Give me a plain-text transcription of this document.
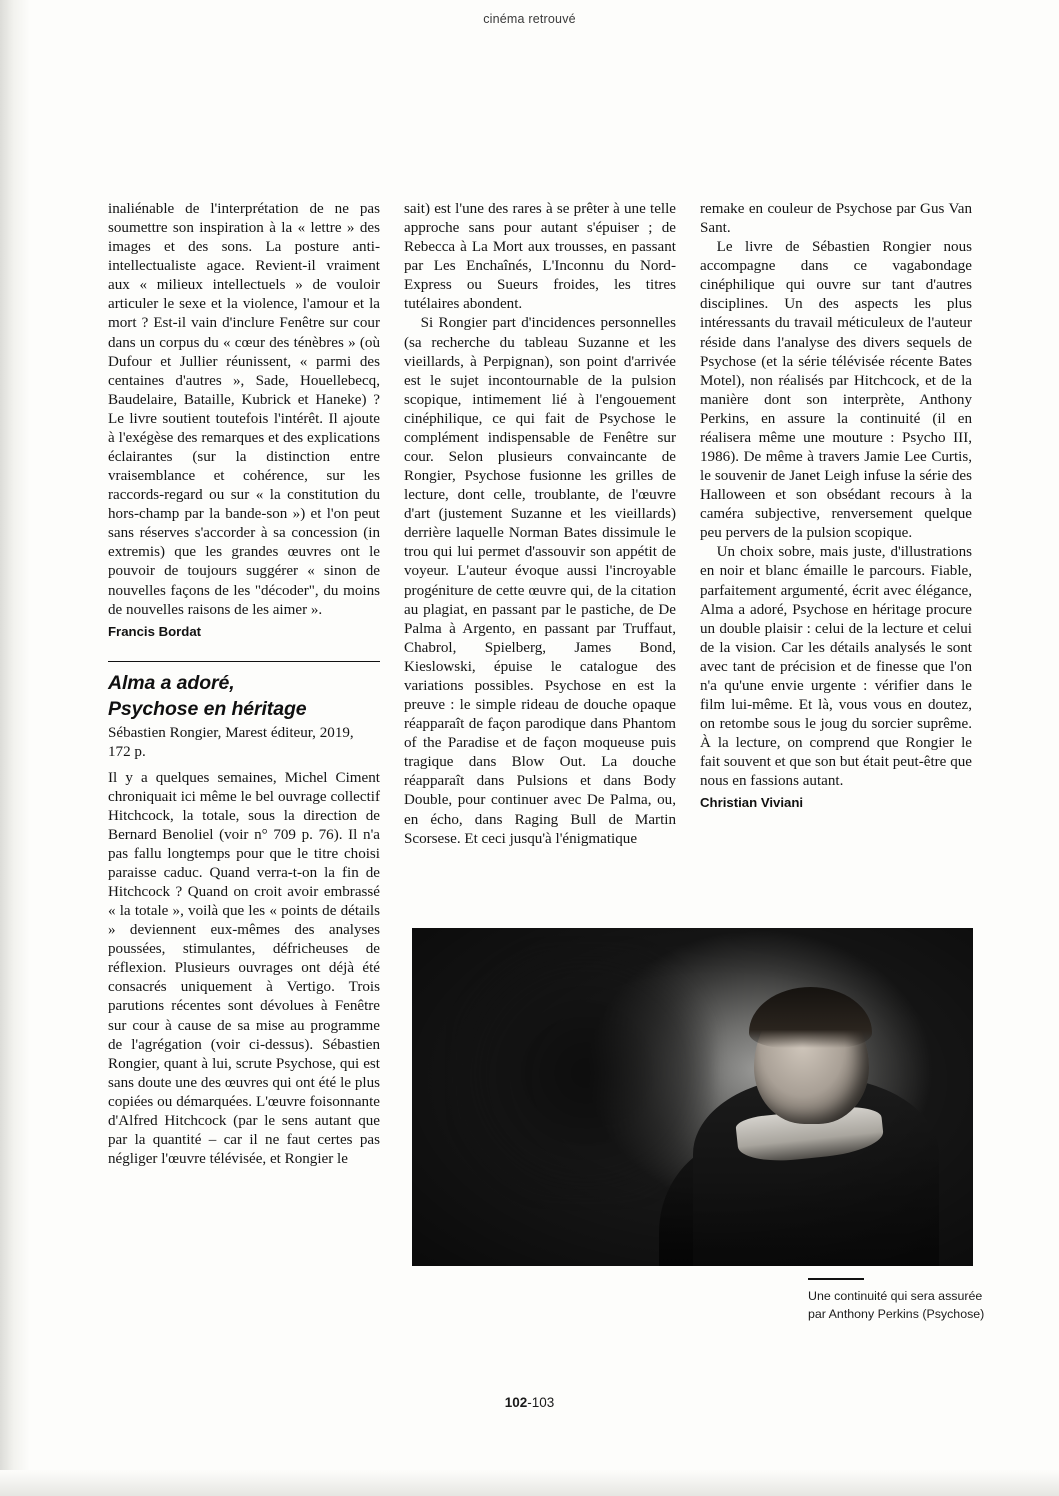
cinéma retrouvé

inaliénable de l'interprétation de ne pas soumettre son inspiration à la « lettre » des images et des sons. La posture anti-intellectualiste agace. Revient-il vraiment aux « milieux intellectuels » de vouloir articuler le sexe et la violence, l'amour et la mort ? Est-il vain d'inclure Fenêtre sur cour dans un corpus du « cœur des ténèbres » (où Dufour et Jullier réunissent, « parmi des centaines d'autres », Sade, Houellebecq, Baudelaire, Bataille, Kubrick et Haneke) ? Le livre soutient toutefois l'intérêt. Il ajoute à l'exégèse des remarques et des explications éclairantes (sur la distinction entre vraisemblance et cohérence, sur les raccords-regard ou sur « la constitution du hors-champ par la bande-son ») et l'on peut sans réserves s'accorder à sa concession (in extremis) que les grandes œuvres ont le pouvoir de toujours suggérer « sinon de nouvelles façons de les "décoder", du moins de nouvelles raisons de les aimer ».

Francis Bordat

Alma a adoré,
Psychose en héritage

Sébastien Rongier, Marest éditeur, 2019, 172 p.

Il y a quelques semaines, Michel Ciment chroniquait ici même le bel ouvrage collectif Hitchcock, la totale, sous la direction de Bernard Benoliel (voir n° 709 p. 76). Il n'a pas fallu longtemps pour que le titre choisi paraisse caduc. Quand verra-t-on la fin de Hitchcock ? Quand on croit avoir embrassé « la totale », voilà que les « points de détails » deviennent eux-mêmes des analyses poussées, stimulantes, défricheuses de réflexion. Plusieurs ouvrages ont déjà été consacrés uniquement à Vertigo. Trois parutions récentes sont dévolues à Fenêtre sur cour à cause de sa mise au programme de l'agrégation (voir ci-dessus). Sébastien Rongier, quant à lui, scrute Psychose, qui est sans doute une des œuvres qui ont été le plus copiées ou démarquées. L'œuvre foisonnante d'Alfred Hitchcock (par le sens autant que par la quantité – car il ne faut certes pas négliger l'œuvre télévisée, et Rongier le

sait) est l'une des rares à se prêter à une telle approche sans pour autant s'épuiser ; de Rebecca à La Mort aux trousses, en passant par Les Enchaînés, L'Inconnu du Nord-Express ou Sueurs froides, les titres tutélaires abondent.

Si Rongier part d'incidences personnelles (sa recherche du tableau Suzanne et les vieillards, à Perpignan), son point d'arrivée est le sujet incontournable de la pulsion scopique, intimement lié à l'engouement cinéphilique, ce qui fait de Psychose le complément indispensable de Fenêtre sur cour. Selon plusieurs convaincante de Rongier, Psychose fusionne les grilles de lecture, dont celle, troublante, de l'œuvre d'art (justement Suzanne et les vieillards) derrière laquelle Norman Bates dissimule le trou qui lui permet d'assouvir son appétit de voyeur. L'auteur évoque aussi l'incroyable progéniture de cette œuvre qui, de la citation au plagiat, en passant par le pastiche, de De Palma à Argento, en passant par Truffaut, Chabrol, Spielberg, James Bond, Kieslowski, épuise le catalogue des variations possibles. Psychose en est la preuve : le simple rideau de douche opaque réapparaît de façon parodique dans Phantom of the Paradise et de façon moqueuse puis tragique dans Blow Out. La douche réapparaît dans Pulsions et dans Body Double, pour continuer avec De Palma, ou, en écho, dans Raging Bull de Martin Scorsese. Et ceci jusqu'à l'énigmatique

remake en couleur de Psychose par Gus Van Sant.

Le livre de Sébastien Rongier nous accompagne dans ce vagabondage cinéphilique qui ouvre sur tant d'autres disciplines. Un des aspects les plus intéressants du travail méticuleux de l'auteur réside dans l'analyse des divers sequels de Psychose (et la série télévisée récente Bates Motel), non réalisés par Hitchcock, et de la manière dont son interprète, Anthony Perkins, en assure la continuité (il en réalisera même une mouture : Psycho III, 1986). De même à travers Jamie Lee Curtis, le souvenir de Janet Leigh infuse la série des Halloween et son obsédant recours à la caméra subjective, renversement quelque peu pervers de la pulsion scopique.

Un choix sobre, mais juste, d'illustrations en noir et blanc émaille le parcours. Fiable, parfaitement argumenté, écrit avec élégance, Alma a adoré, Psychose en héritage procure un double plaisir : celui de la lecture et celui de la vision. Car les détails analysés le sont avec tant de précision et de finesse que l'on n'a qu'une envie urgente : vérifier dans le film lui-même. Et là, vous vous en doutez, on retombe sous le joug du sorcier suprême. À la lecture, on comprend que Rongier le fait souvent et que son but était peut-être que nous en fassions autant.

Christian Viviani
Une continuité qui sera assurée
par Anthony Perkins (Psychose)
102-103
